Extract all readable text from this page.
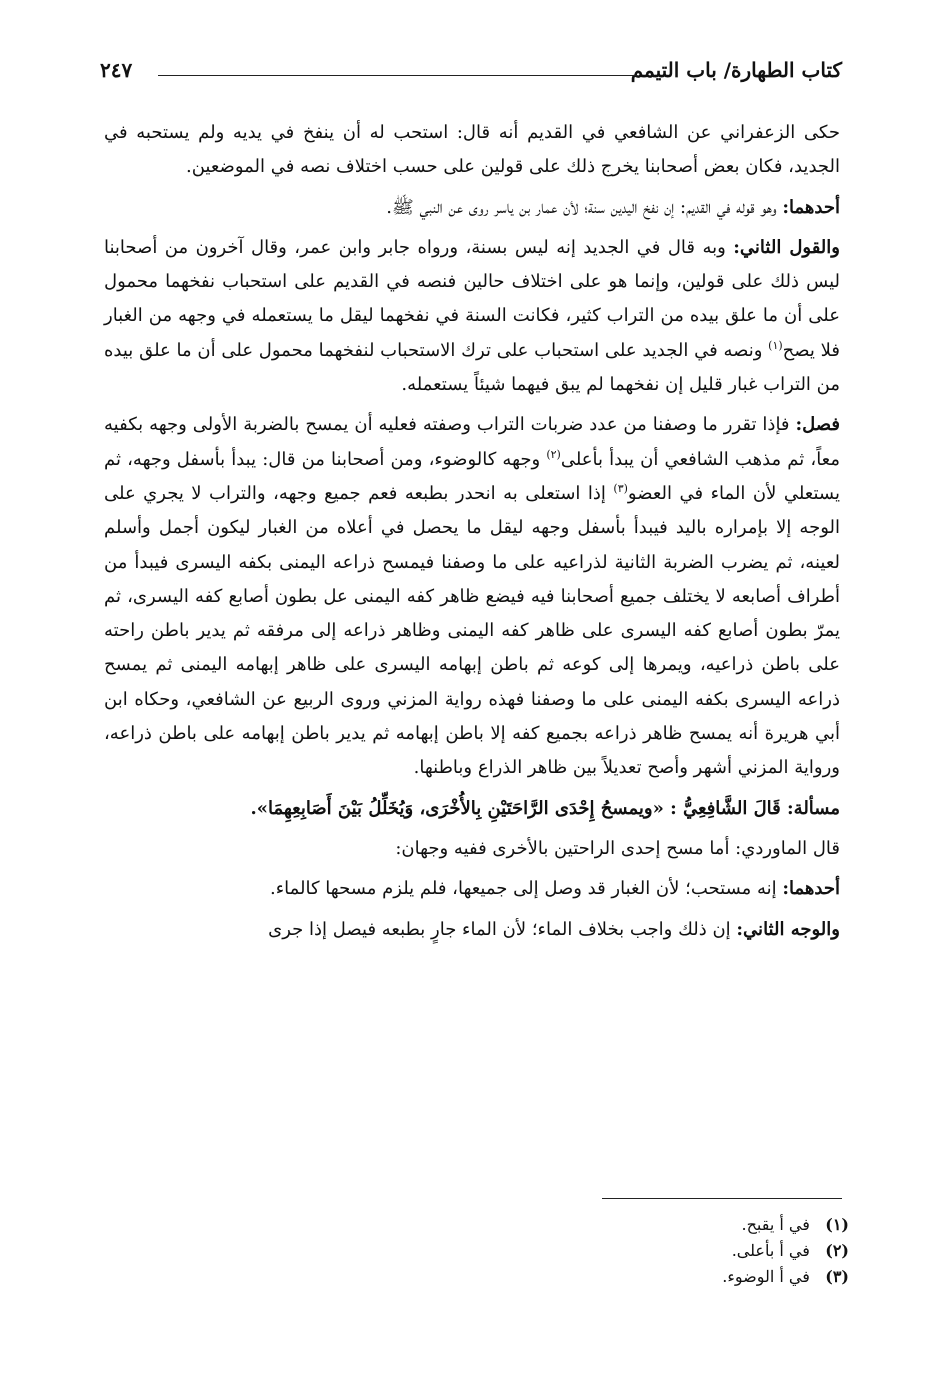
كتاب الطهارة/ باب التيمم
٢٤٧

حكى الزعفراني عن الشافعي في القديم أنه قال: استحب له أن ينفخ في يديه ولم يستحبه في الجديد، فكان بعض أصحابنا يخرج ذلك على قولين على حسب اختلاف نصه في الموضعين.

أحدهما: وهو قوله في القديم: إن نفخ اليدين سنة؛ لأن عمار بن ياسر روى عن النبي ﷺ.

والقول الثاني: وبه قال في الجديد إنه ليس بسنة، ورواه جابر وابن عمر، وقال آخرون من أصحابنا ليس ذلك على قولين، وإنما هو على اختلاف حالين فنصه في القديم على استحباب نفخهما محمول على أن ما علق بيده من التراب كثير، فكانت السنة في نفخهما ليقل ما يستعمله في وجهه من الغبار فلا يصح$^{(١)}$ ونصه في الجديد على استحباب على ترك الاستحباب لنفخهما محمول على أن ما علق بيده من التراب غبار قليل إن نفخهما لم يبق فيهما شيئاً يستعمله.

فصل: فإذا تقرر ما وصفنا من عدد ضربات التراب وصفته فعليه أن يمسح بالضربة الأولى وجهه بكفيه معاً، ثم مذهب الشافعي أن يبدأ بأعلى$^{(٢)}$ وجهه كالوضوء، ومن أصحابنا من قال: يبدأ بأسفل وجهه، ثم يستعلي لأن الماء في العضو$^{(٣)}$ إذا استعلى به انحدر بطبعه فعم جميع وجهه، والتراب لا يجري على الوجه إلا بإمراره باليد فيبدأ بأسفل وجهه ليقل ما يحصل في أعلاه من الغبار ليكون أجمل وأسلم لعينه، ثم يضرب الضربة الثانية لذراعيه على ما وصفنا فيمسح ذراعه اليمنى بكفه اليسرى فيبدأ من أطراف أصابعه لا يختلف جميع أصحابنا فيه فيضع ظاهر كفه اليمنى عل بطون أصابع كفه اليسرى، ثم يمرّ بطون أصابع كفه اليسرى على ظاهر كفه اليمنى وظاهر ذراعه إلى مرفقه ثم يدير باطن راحته على باطن ذراعيه، ويمرها إلى كوعه ثم باطن إبهامه اليسرى على ظاهر إبهامه اليمنى ثم يمسح ذراعه اليسرى بكفه اليمنى على ما وصفنا فهذه رواية المزني وروى الربيع عن الشافعي، وحكاه ابن أبي هريرة أنه يمسح ظاهر ذراعه بجميع كفه إلا باطن إبهامه ثم يدير باطن إبهامه على باطن ذراعه، ورواية المزني أشهر وأصح تعديلاً بين ظاهر الذراع وباطنها.

مسألة: قَالَ الشَّافِعِيُّ : «ويمسحُ إِحْدَى الرَّاحَتَيْنِ بِالأُخْرَى، وَيُخَلِّلُ بَيْنَ أَصَابِعِهِمَا».

قال الماوردي: أما مسح إحدى الراحتين بالأخرى ففيه وجهان:

أحدهما: إنه مستحب؛ لأن الغبار قد وصل إلى جميعها، فلم يلزم مسحها كالماء.

والوجه الثاني: إن ذلك واجب بخلاف الماء؛ لأن الماء جارٍ بطبعه فيصل إذا جرى

(١) في أ يقبح.
(٢) في أ بأعلى.
(٣) في أ الوضوء.
